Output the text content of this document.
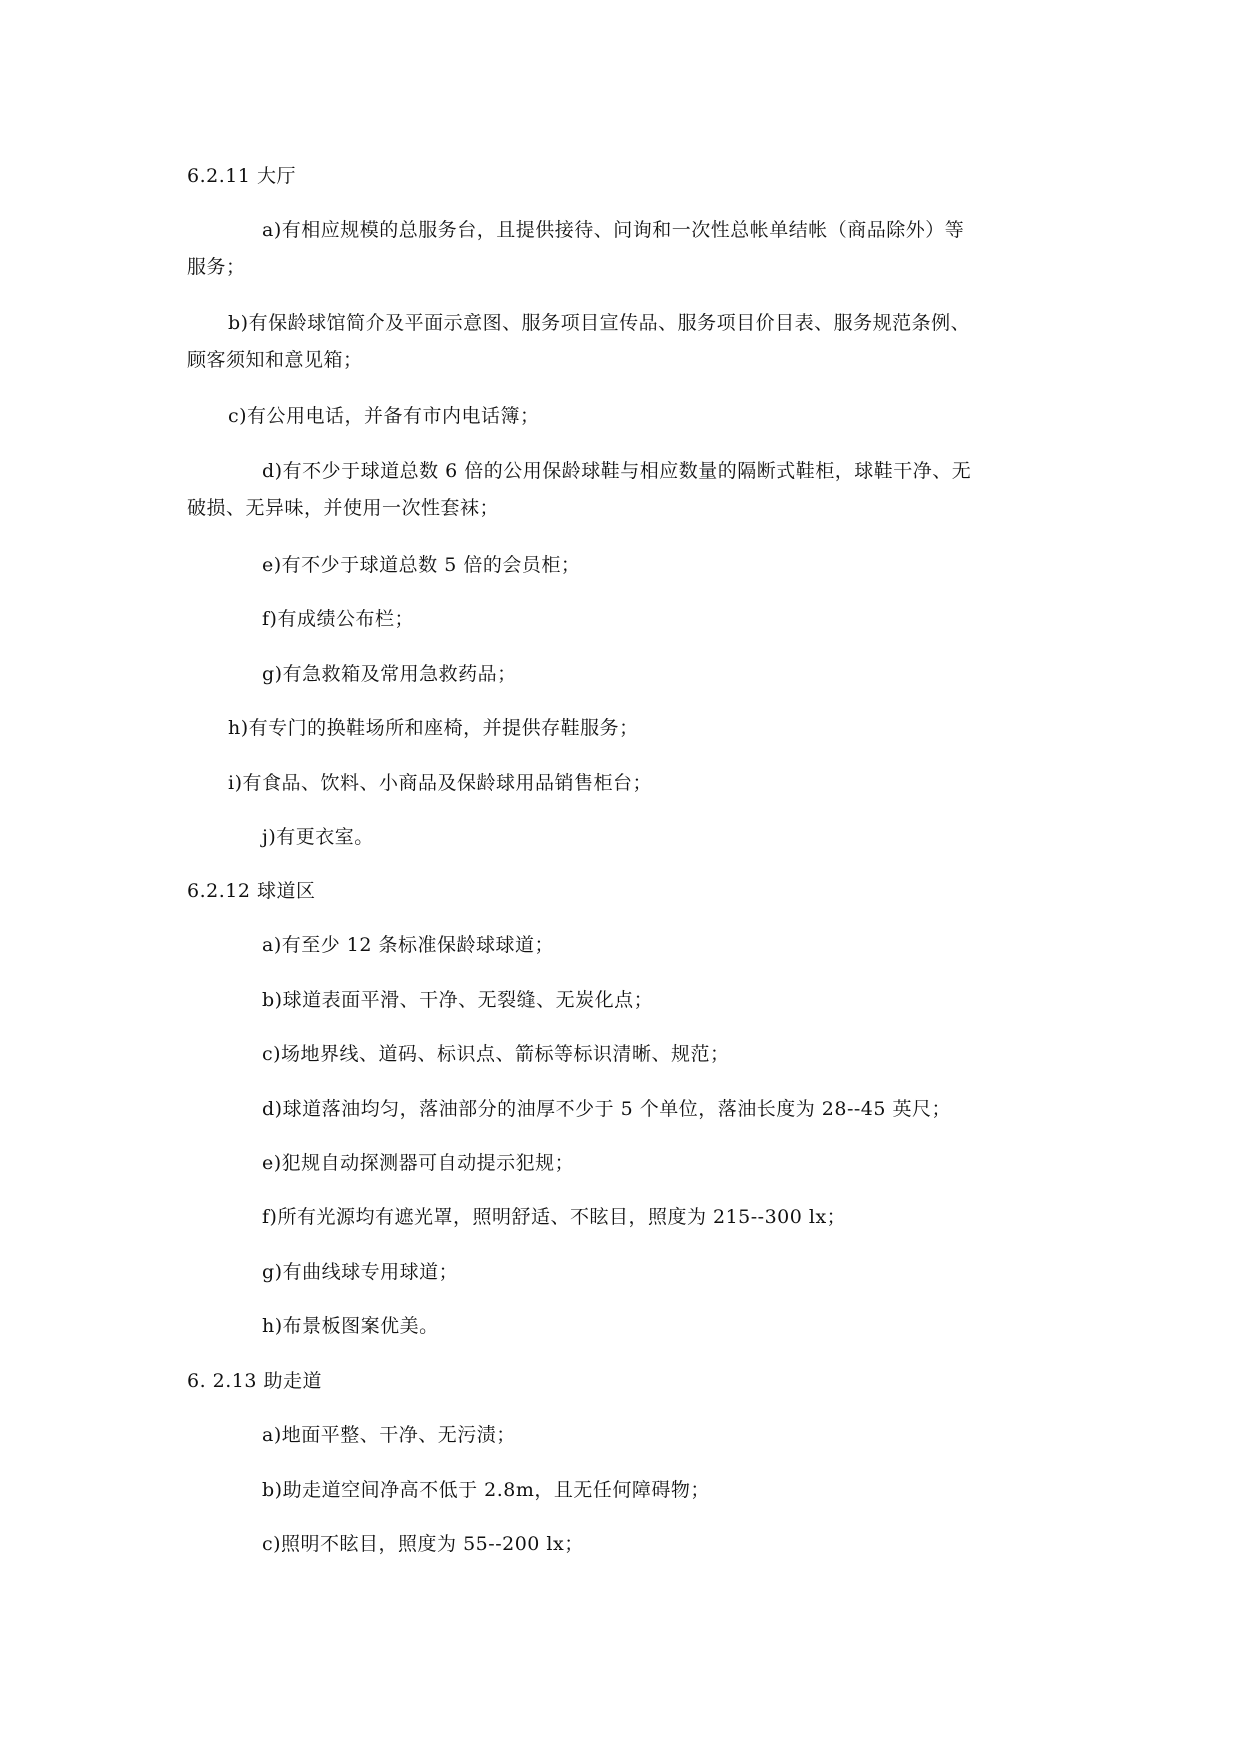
6.2.11 大厅

a)有相应规模的总服务台，且提供接待、问询和一次性总帐单结帐（商品除外）等

服务；

b)有保龄球馆简介及平面示意图、服务项目宣传品、服务项目价目表、服务规范条例、

顾客须知和意见箱；

c)有公用电话，并备有市内电话簿；

d)有不少于球道总数 6 倍的公用保龄球鞋与相应数量的隔断式鞋柜，球鞋干净、无

破损、无异味，并使用一次性套袜；

e)有不少于球道总数 5 倍的会员柜；

f)有成绩公布栏；

g)有急救箱及常用急救药品；

h)有专门的换鞋场所和座椅，并提供存鞋服务；

i)有食品、饮料、小商品及保龄球用品销售柜台；

j)有更衣室。

6.2.12 球道区

a)有至少 12 条标准保龄球球道；

b)球道表面平滑、干净、无裂缝、无炭化点；

c)场地界线、道码、标识点、箭标等标识清晰、规范；

d)球道落油均匀，落油部分的油厚不少于 5 个单位，落油长度为 28--45 英尺；

e)犯规自动探测器可自动提示犯规；

f)所有光源均有遮光罩，照明舒适、不眩目，照度为 215--300 lx；

g)有曲线球专用球道；

h)布景板图案优美。

6. 2.13 助走道

a)地面平整、干净、无污渍；

b)助走道空间净高不低于 2.8m，且无任何障碍物；

c)照明不眩目，照度为 55--200 lx；
